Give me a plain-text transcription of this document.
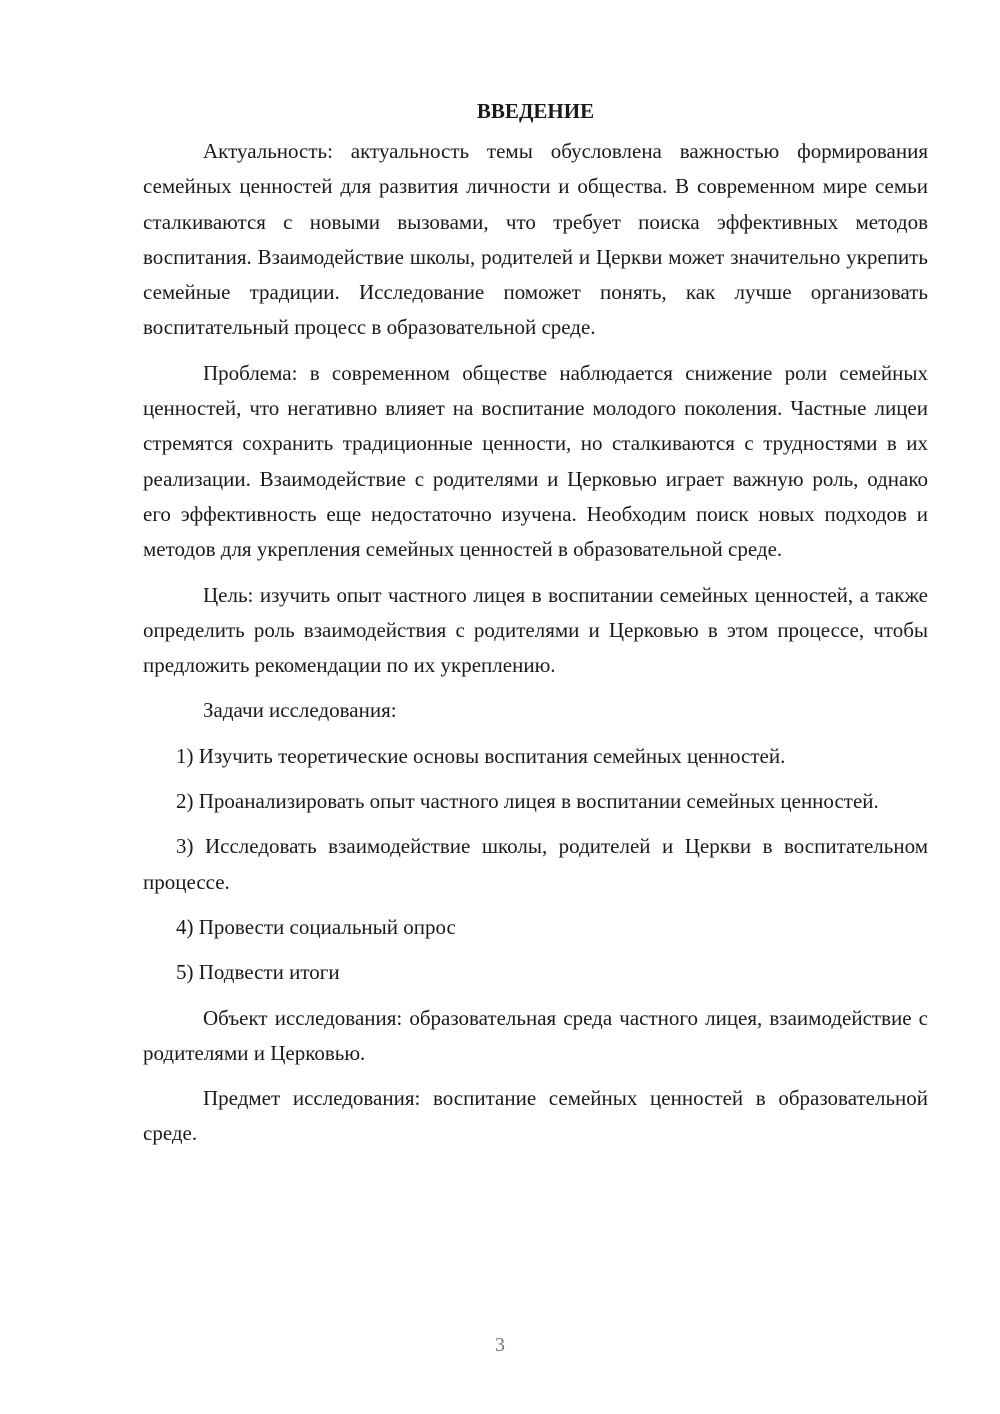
ВВЕДЕНИЕ

Актуальность: актуальность темы обусловлена важностью формирования семейных ценностей для развития личности и общества. В современном мире семьи сталкиваются с новыми вызовами, что требует поиска эффективных методов воспитания. Взаимодействие школы, родителей и Церкви может значительно укрепить семейные традиции. Исследование поможет понять, как лучше организовать воспитательный процесс в образовательной среде.

Проблема: в современном обществе наблюдается снижение роли семейных ценностей, что негативно влияет на воспитание молодого поколения. Частные лицеи стремятся сохранить традиционные ценности, но сталкиваются с трудностями в их реализации. Взаимодействие с родителями и Церковью играет важную роль, однако его эффективность еще недостаточно изучена. Необходим поиск новых подходов и методов для укрепления семейных ценностей в образовательной среде.

Цель: изучить опыт частного лицея в воспитании семейных ценностей, а также определить роль взаимодействия с родителями и Церковью в этом процессе, чтобы предложить рекомендации по их укреплению.

Задачи исследования:

1) Изучить теоретические основы воспитания семейных ценностей.

2) Проанализировать опыт частного лицея в воспитании семейных ценностей.

3) Исследовать взаимодействие школы, родителей и Церкви в воспитательном процессе.

4) Провести социальный опрос

5) Подвести итоги

Объект исследования: образовательная среда частного лицея, взаимодействие с родителями и Церковью.

Предмет исследования: воспитание семейных ценностей в образовательной среде.

3
